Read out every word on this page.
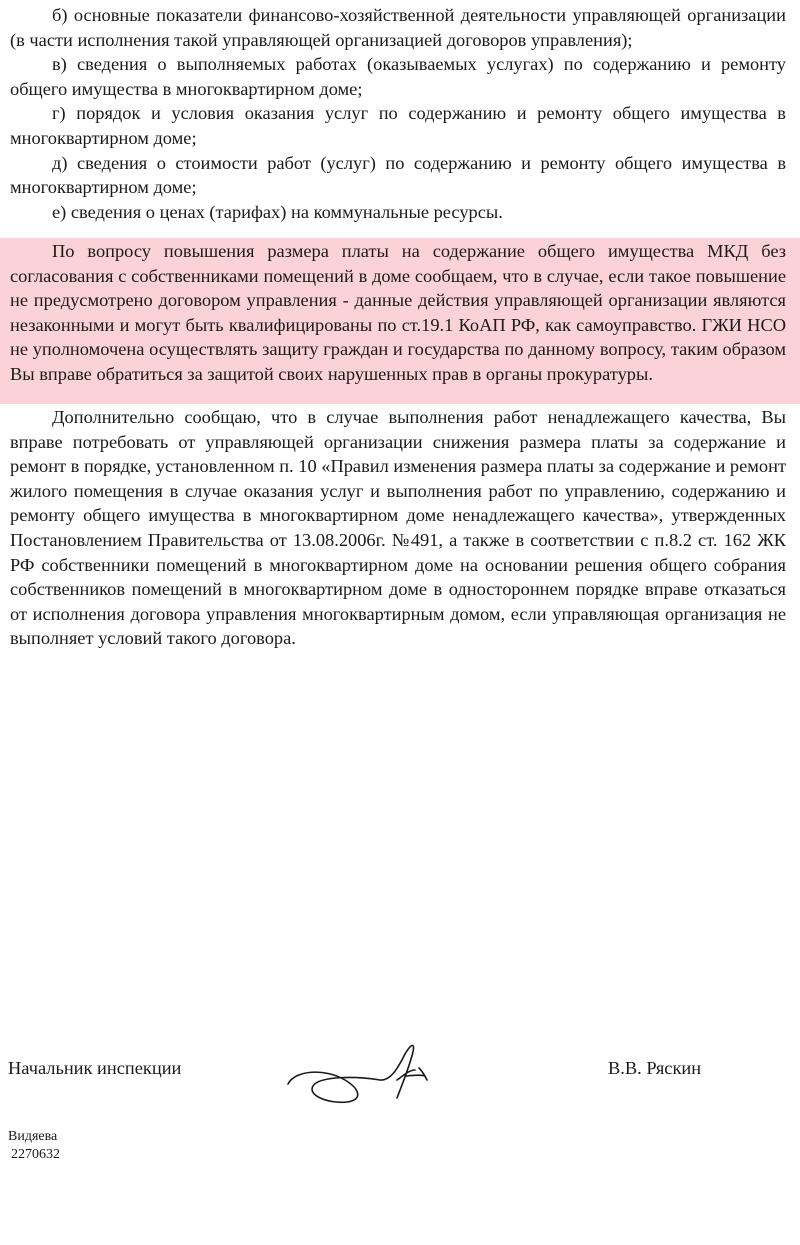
б) основные показатели финансово-хозяйственной деятельности управляющей организации (в части исполнения такой управляющей организацией договоров управления);

в) сведения о выполняемых работах (оказываемых услугах) по содержанию и ремонту общего имущества в многоквартирном доме;

г) порядок и условия оказания услуг по содержанию и ремонту общего имущества в многоквартирном доме;

д) сведения о стоимости работ (услуг) по содержанию и ремонту общего имущества в многоквартирном доме;

е) сведения о ценах (тарифах) на коммунальные ресурсы.

По вопросу повышения размера платы на содержание общего имущества МКД без согласования с собственниками помещений в доме сообщаем, что в случае, если такое повышение не предусмотрено договором управления - данные действия управляющей организации являются незаконными и могут быть квалифицированы по ст.19.1 КоАП РФ, как самоуправство. ГЖИ НСО не уполномочена осуществлять защиту граждан и государства по данному вопросу, таким образом Вы вправе обратиться за защитой своих нарушенных прав в органы прокуратуры.

Дополнительно сообщаю, что в случае выполнения работ ненадлежащего качества, Вы вправе потребовать от управляющей организации снижения размера платы за содержание и ремонт в порядке, установленном п. 10 «Правил изменения размера платы за содержание и ремонт жилого помещения в случае оказания услуг и выполнения работ по управлению, содержанию и ремонту общего имущества в многоквартирном доме ненадлежащего качества», утвержденных Постановлением Правительства от 13.08.2006г. №491, а также в соответствии с п.8.2 ст. 162 ЖК РФ собственники помещений в многоквартирном доме на основании решения общего собрания собственников помещений в многоквартирном доме в одностороннем порядке вправе отказаться от исполнения договора управления многоквартирным домом, если управляющая организация не выполняет условий такого договора.

Начальник инспекции	В.В. Ряскин
Видяева
2270632
